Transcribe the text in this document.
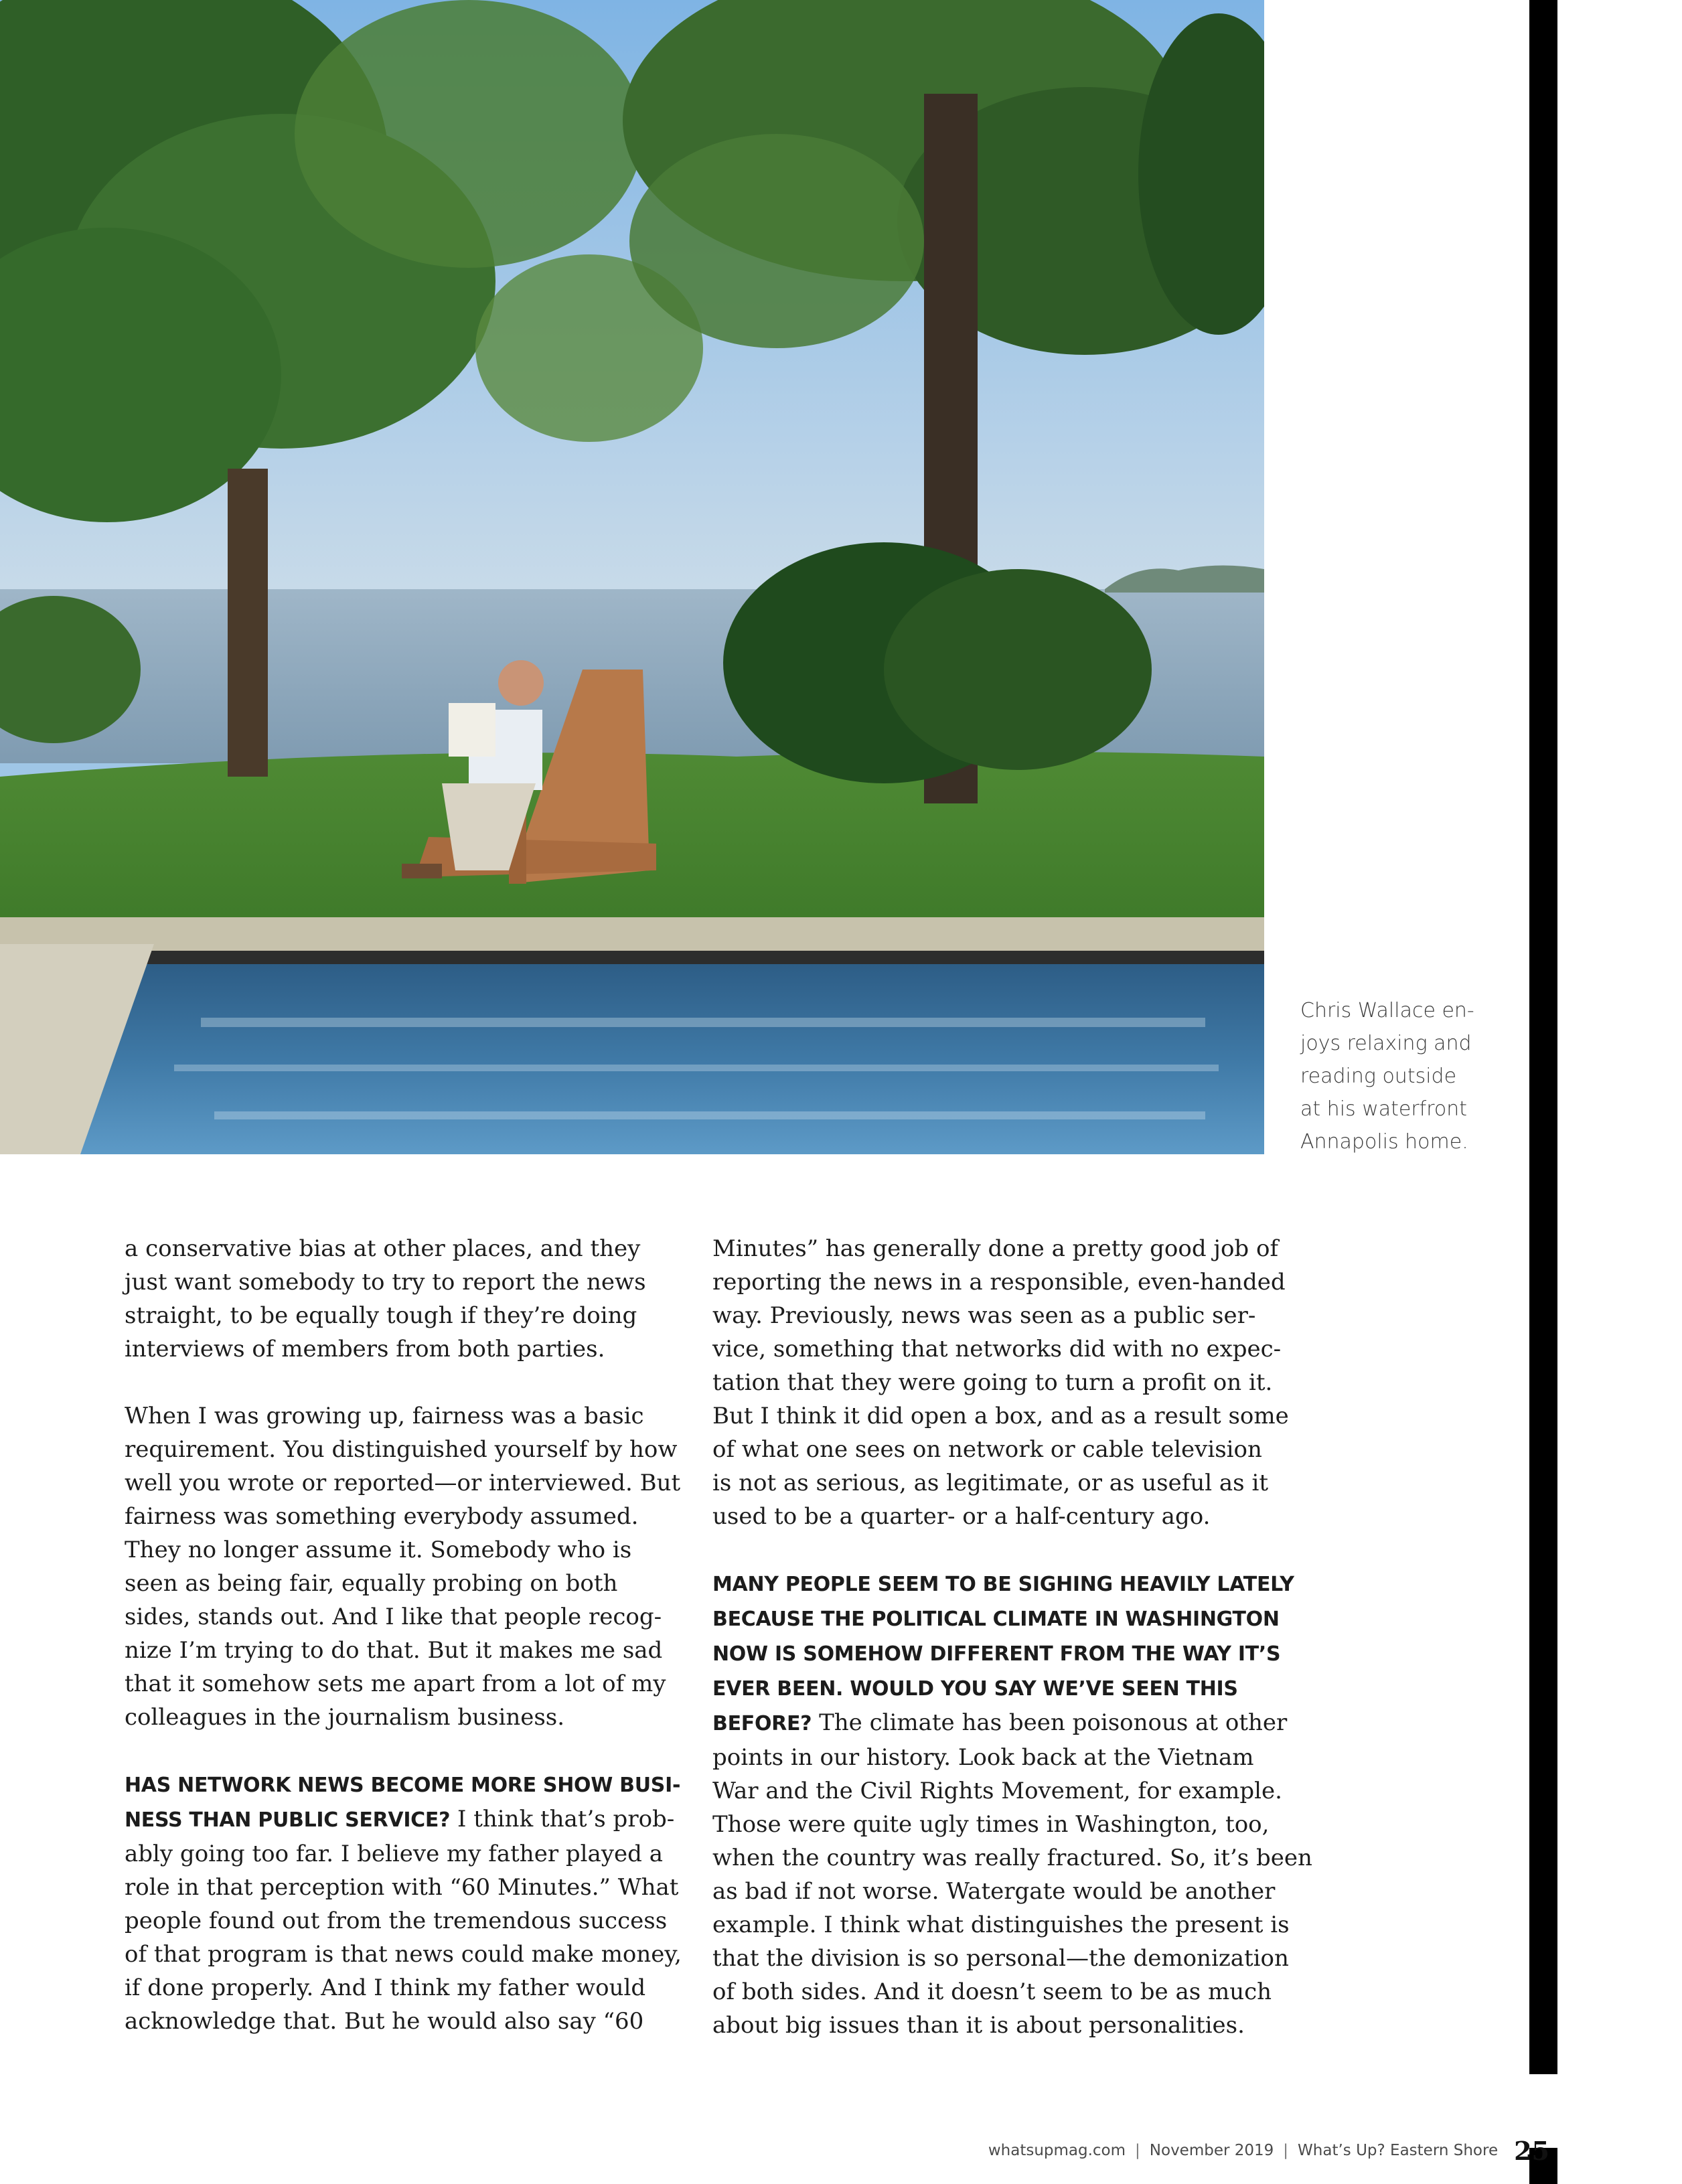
Chris Wallace en-
joys relaxing and
reading outside
at his waterfront
Annapolis home.
a conservative bias at other places, and they
just want somebody to try to report the news
straight, to be equally tough if they’re doing
interviews of members from both parties.
When I was growing up, fairness was a basic
requirement. You distinguished yourself by how
well you wrote or reported—or interviewed. But
fairness was something everybody assumed.
They no longer assume it. Somebody who is
seen as being fair, equally probing on both
sides, stands out. And I like that people recog-
nize I’m trying to do that. But it makes me sad
that it somehow sets me apart from a lot of my
colleagues in the journalism business.
HAS NETWORK NEWS BECOME MORE SHOW BUSI-
NESS THAN PUBLIC SERVICE? I think that’s prob-
ably going too far. I believe my father played a
role in that perception with “60 Minutes.” What
people found out from the tremendous success
of that program is that news could make money,
if done properly. And I think my father would
acknowledge that. But he would also say “60
Minutes” has generally done a pretty good job of
reporting the news in a responsible, even-handed
way. Previously, news was seen as a public ser-
vice, something that networks did with no expec-
tation that they were going to turn a profit on it.
But I think it did open a box, and as a result some
of what one sees on network or cable television
is not as serious, as legitimate, or as useful as it
used to be a quarter- or a half-century ago.
MANY PEOPLE SEEM TO BE SIGHING HEAVILY LATELY
BECAUSE THE POLITICAL CLIMATE IN WASHINGTON
NOW IS SOMEHOW DIFFERENT FROM THE WAY IT’S
EVER BEEN. WOULD YOU SAY WE’VE SEEN THIS
BEFORE? The climate has been poisonous at other
points in our history. Look back at the Vietnam
War and the Civil Rights Movement, for example.
Those were quite ugly times in Washington, too,
when the country was really fractured. So, it’s been
as bad if not worse. Watergate would be another
example. I think what distinguishes the present is
that the division is so personal—the demonization
of both sides. And it doesn’t seem to be as much
about big issues than it is about personalities.
whatsupmag.com | November 2019 | What’s Up? Eastern Shore 25
